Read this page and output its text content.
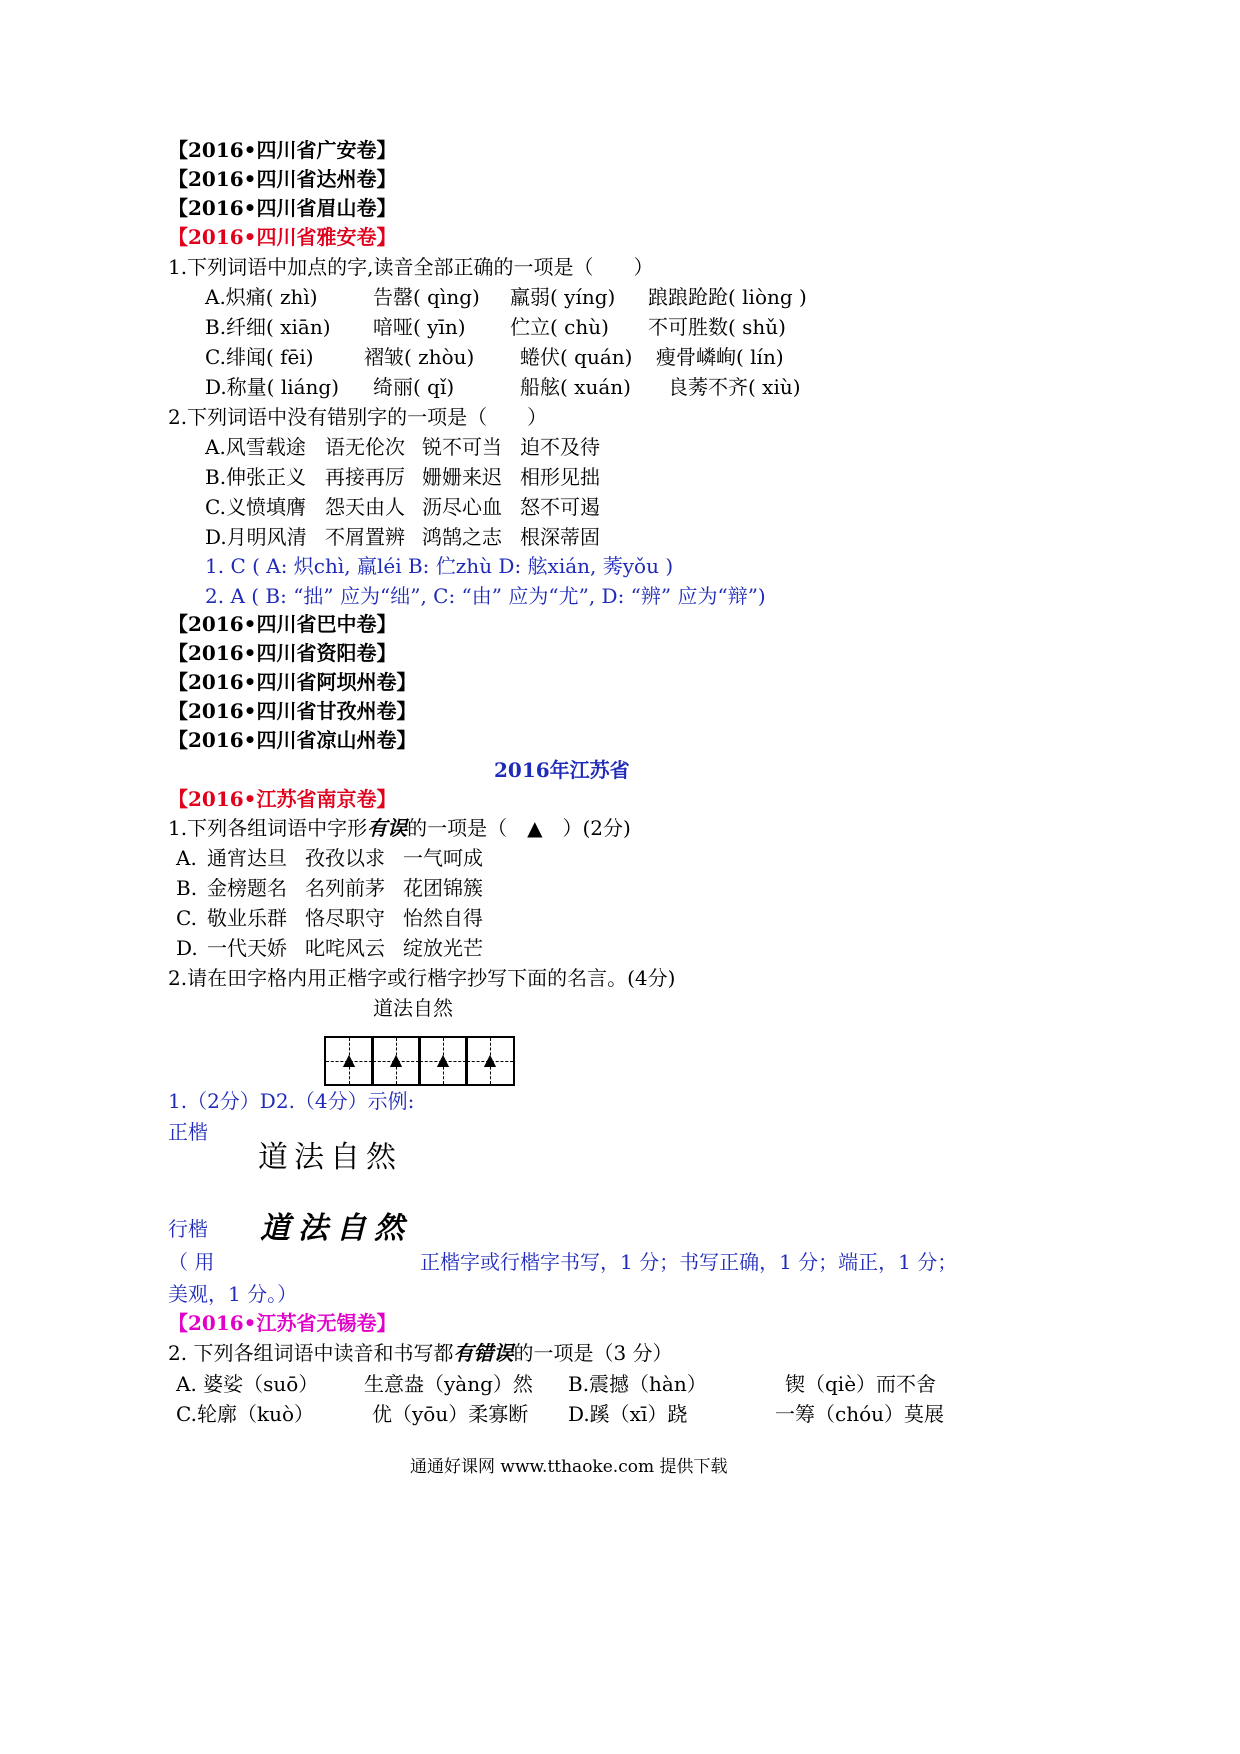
【2016•四川省广安卷】
【2016•四川省达州卷】
【2016•四川省眉山卷】
【2016•四川省雅安卷】
1.下列词语中加点的字,读音全部正确的一项是（　　）
A.炽痛( zhì)	告罄( qìng) 羸弱( yíng) 踉踉跄跄( liòng )
B.纤细( xiān) 喑哑( yīn) 伫立( chù) 不可胜数( shǔ)
C.绯闻( fēi)	褶皱( zhòu) 蜷伏( quán) 瘦骨嶙峋( lín)
D.称量( liáng) 绮丽( qǐ)	船舷( xuán) 良莠不齐( xiù)
2.下列词语中没有错别字的一项是（　　）
A.风雪载途 语无伦次 锐不可当 迫不及待
B.伸张正义 再接再厉 姗姗来迟 相形见拙
C.义愤填膺 怨天由人 沥尽心血 怒不可遏
D.月明风清 不屑置辨 鸿鹄之志 根深蒂固
1. C ( A: 炽chì, 羸léi B: 伫zhù D: 舷xián, 莠yǒu )
2. A ( B: “拙” 应为“绌”, C: “由” 应为“尤”, D: “辨” 应为“辩”)
【2016•四川省巴中卷】
【2016•四川省资阳卷】
【2016•四川省阿坝州卷】
【2016•四川省甘孜州卷】
【2016•四川省凉山州卷】
2016年江苏省
【2016•江苏省南京卷】
1.下列各组词语中字形有误的一项是（　▲　）(2分)
A. 通宵达旦 孜孜以求 一气呵成
B. 金榜题名 名列前茅 花团锦簇
C. 敬业乐群 恪尽职守 怡然自得
D. 一代天娇 叱咤风云 绽放光芒
2.请在田字格内用正楷字或行楷字抄写下面的名言。(4分)
道法自然
▲ ▲ ▲ ▲
1.（2分）D2.（4分）示例:
正楷
道法自然
行楷 道法自然
（ 用	正楷字或行楷字书写，1 分；书写正确，1 分；端正，1 分；
美观，1 分。）
【2016•江苏省无锡卷】
2. 下列各组词语中读音和书写都有错误的一项是（3 分）
A. 婆娑（suō） 生意盎（yàng）然 B.震撼（hàn）	锲（qiè）而不舍
C.轮廓（kuò）	优（yōu）柔寡断 D.蹊（xī）跷	一筹（chóu）莫展
通通好课网 www.tthaoke.com 提供下载
